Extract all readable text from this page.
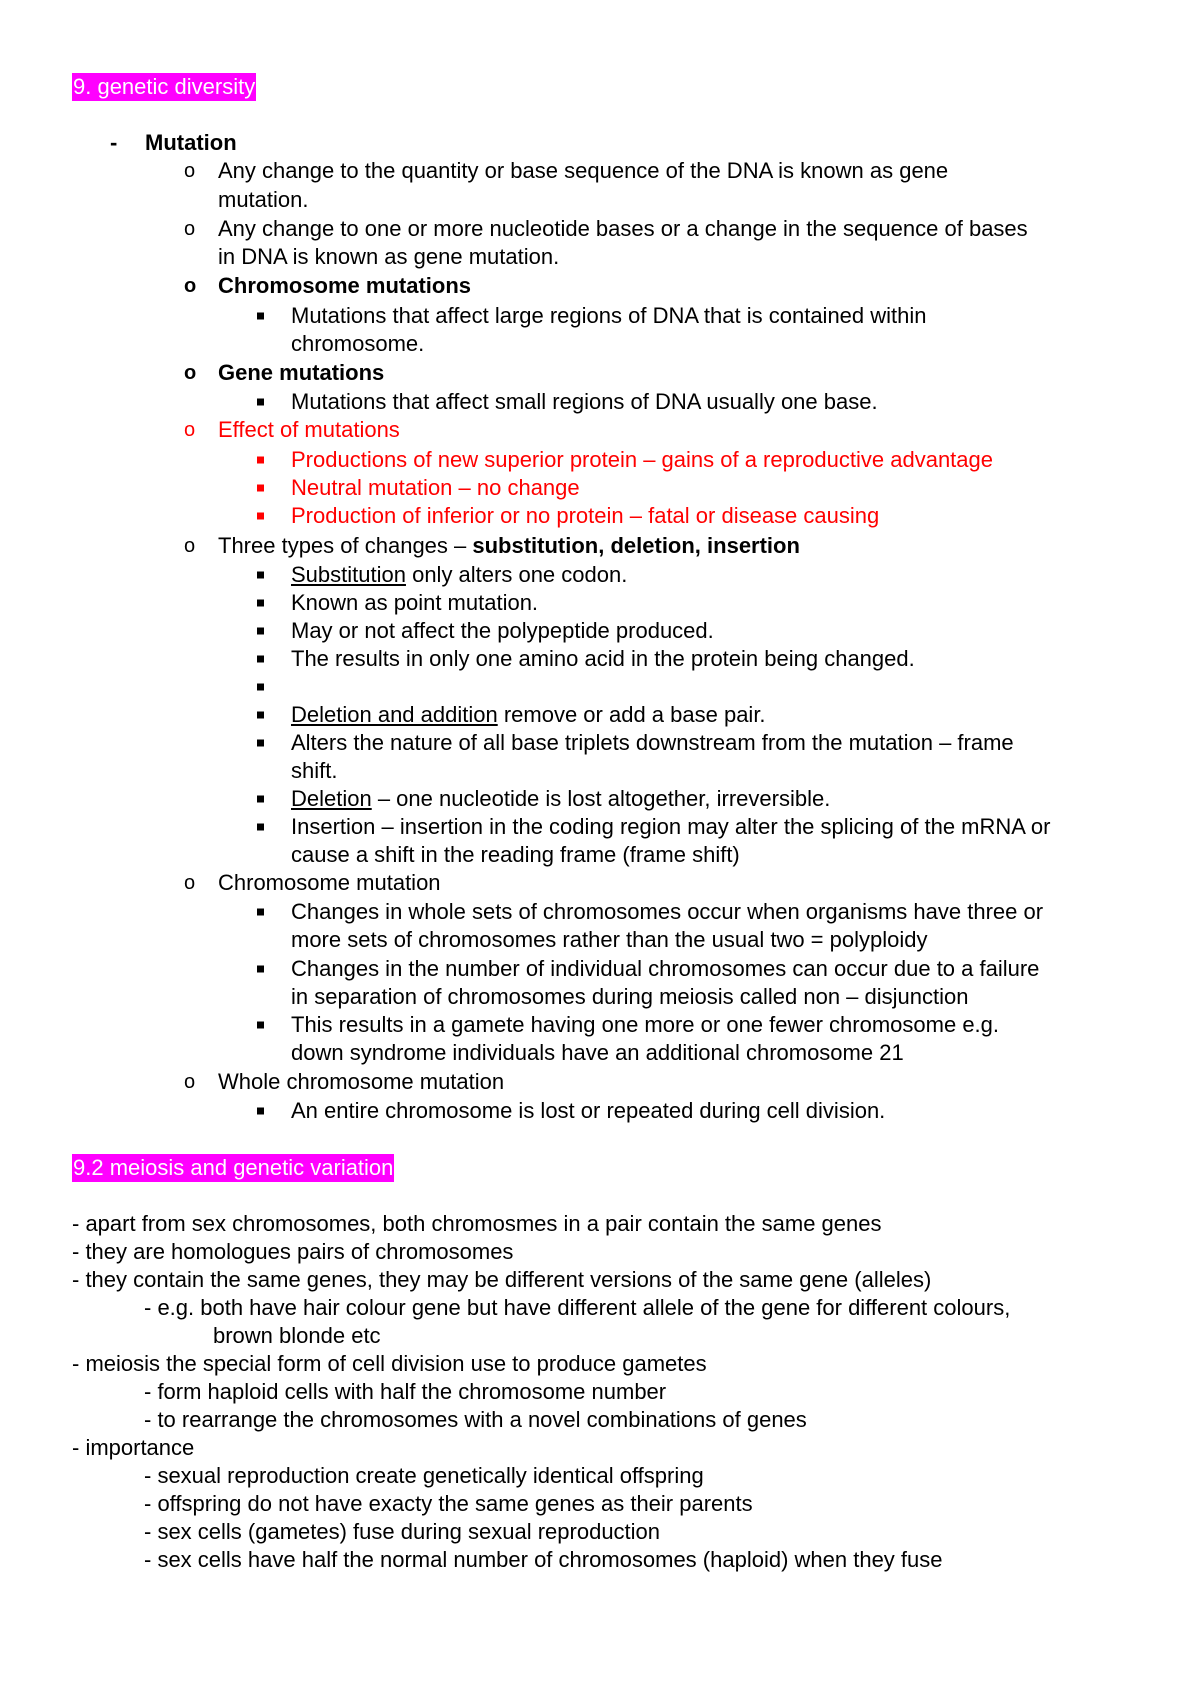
9. genetic diversity
- Mutation
o Any change to the quantity or base sequence of the DNA is known as gene
mutation.
o Any change to one or more nucleotide bases or a change in the sequence of bases
in DNA is known as gene mutation.
o Chromosome mutations
Mutations that affect large regions of DNA that is contained within
chromosome.
o Gene mutations
Mutations that affect small regions of DNA usually one base.
o Effect of mutations
Productions of new superior protein – gains of a reproductive advantage
Neutral mutation – no change
Production of inferior or no protein – fatal or disease causing
o Three types of changes – substitution, deletion, insertion
Substitution only alters one codon.
Known as point mutation.
May or not affect the polypeptide produced.
The results in only one amino acid in the protein being changed.
Deletion and addition remove or add a base pair.
Alters the nature of all base triplets downstream from the mutation – frame
shift.
Deletion – one nucleotide is lost altogether, irreversible.
Insertion – insertion in the coding region may alter the splicing of the mRNA or
cause a shift in the reading frame (frame shift)
o Chromosome mutation
Changes in whole sets of chromosomes occur when organisms have three or
more sets of chromosomes rather than the usual two = polyploidy
Changes in the number of individual chromosomes can occur due to a failure
in separation of chromosomes during meiosis called non – disjunction
This results in a gamete having one more or one fewer chromosome e.g.
down syndrome individuals have an additional chromosome 21
o Whole chromosome mutation
An entire chromosome is lost or repeated during cell division.
9.2 meiosis and genetic variation
- apart from sex chromosomes, both chromosmes in a pair contain the same genes
- they are homologues pairs of chromosomes
- they contain the same genes, they may be different versions of the same gene (alleles)
- e.g. both have hair colour gene but have different allele of the gene for different colours,
brown blonde etc
- meiosis the special form of cell division use to produce gametes
- form haploid cells with half the chromosome number
- to rearrange the chromosomes with a novel combinations of genes
- importance
- sexual reproduction create genetically identical offspring
- offspring do not have exacty the same genes as their parents
- sex cells (gametes) fuse during sexual reproduction
- sex cells have half the normal number of chromosomes (haploid) when they fuse
